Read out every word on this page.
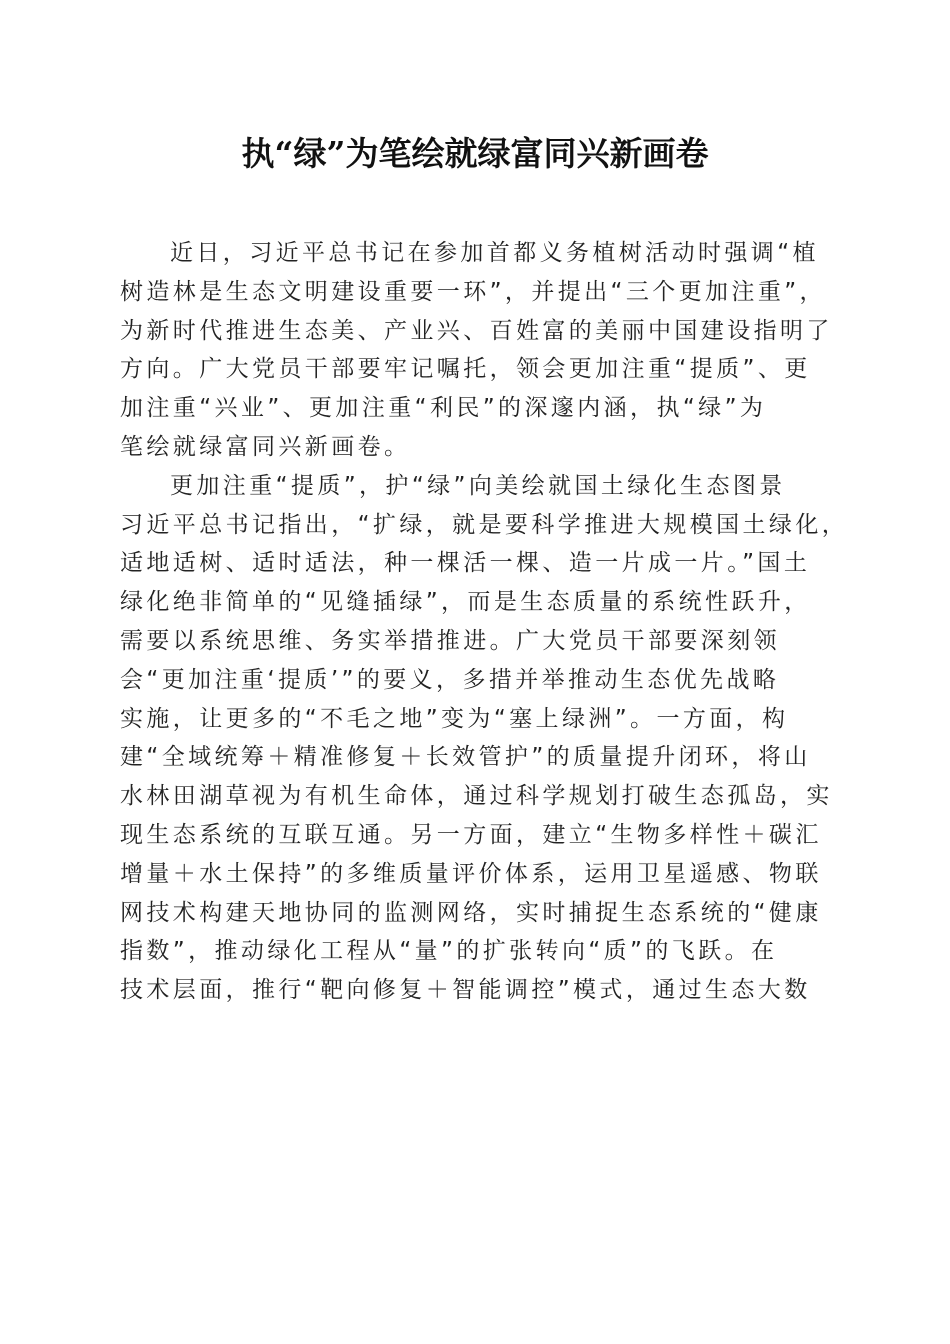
执“绿”为笔绘就绿富同兴新画卷
近日，习近平总书记在参加首都义务植树活动时强调“植
树造林是生态文明建设重要一环”，并提出“三个更加注重”，
为新时代推进生态美、产业兴、百姓富的美丽中国建设指明了
方向。广大党员干部要牢记嘱托，领会更加注重“提质”、更
加注重“兴业”、更加注重“利民”的深邃内涵，执“绿”为
笔绘就绿富同兴新画卷。
更加注重“提质”，护“绿”向美绘就国土绿化生态图景
习近平总书记指出，“扩绿，就是要科学推进大规模国土绿化，
适地适树、适时适法，种一棵活一棵、造一片成一片。”国土
绿化绝非简单的“见缝插绿”，而是生态质量的系统性跃升，
需要以系统思维、务实举措推进。广大党员干部要深刻领
会“更加注重‘提质’”的要义，多措并举推动生态优先战略
实施，让更多的“不毛之地”变为“塞上绿洲”。一方面，构
建“全域统筹＋精准修复＋长效管护”的质量提升闭环，将山
水林田湖草视为有机生命体，通过科学规划打破生态孤岛，实
现生态系统的互联互通。另一方面，建立“生物多样性＋碳汇
增量＋水土保持”的多维质量评价体系，运用卫星遥感、物联
网技术构建天地协同的监测网络，实时捕捉生态系统的“健康
指数”，推动绿化工程从“量”的扩张转向“质”的飞跃。在
技术层面，推行“靶向修复＋智能调控”模式，通过生态大数
